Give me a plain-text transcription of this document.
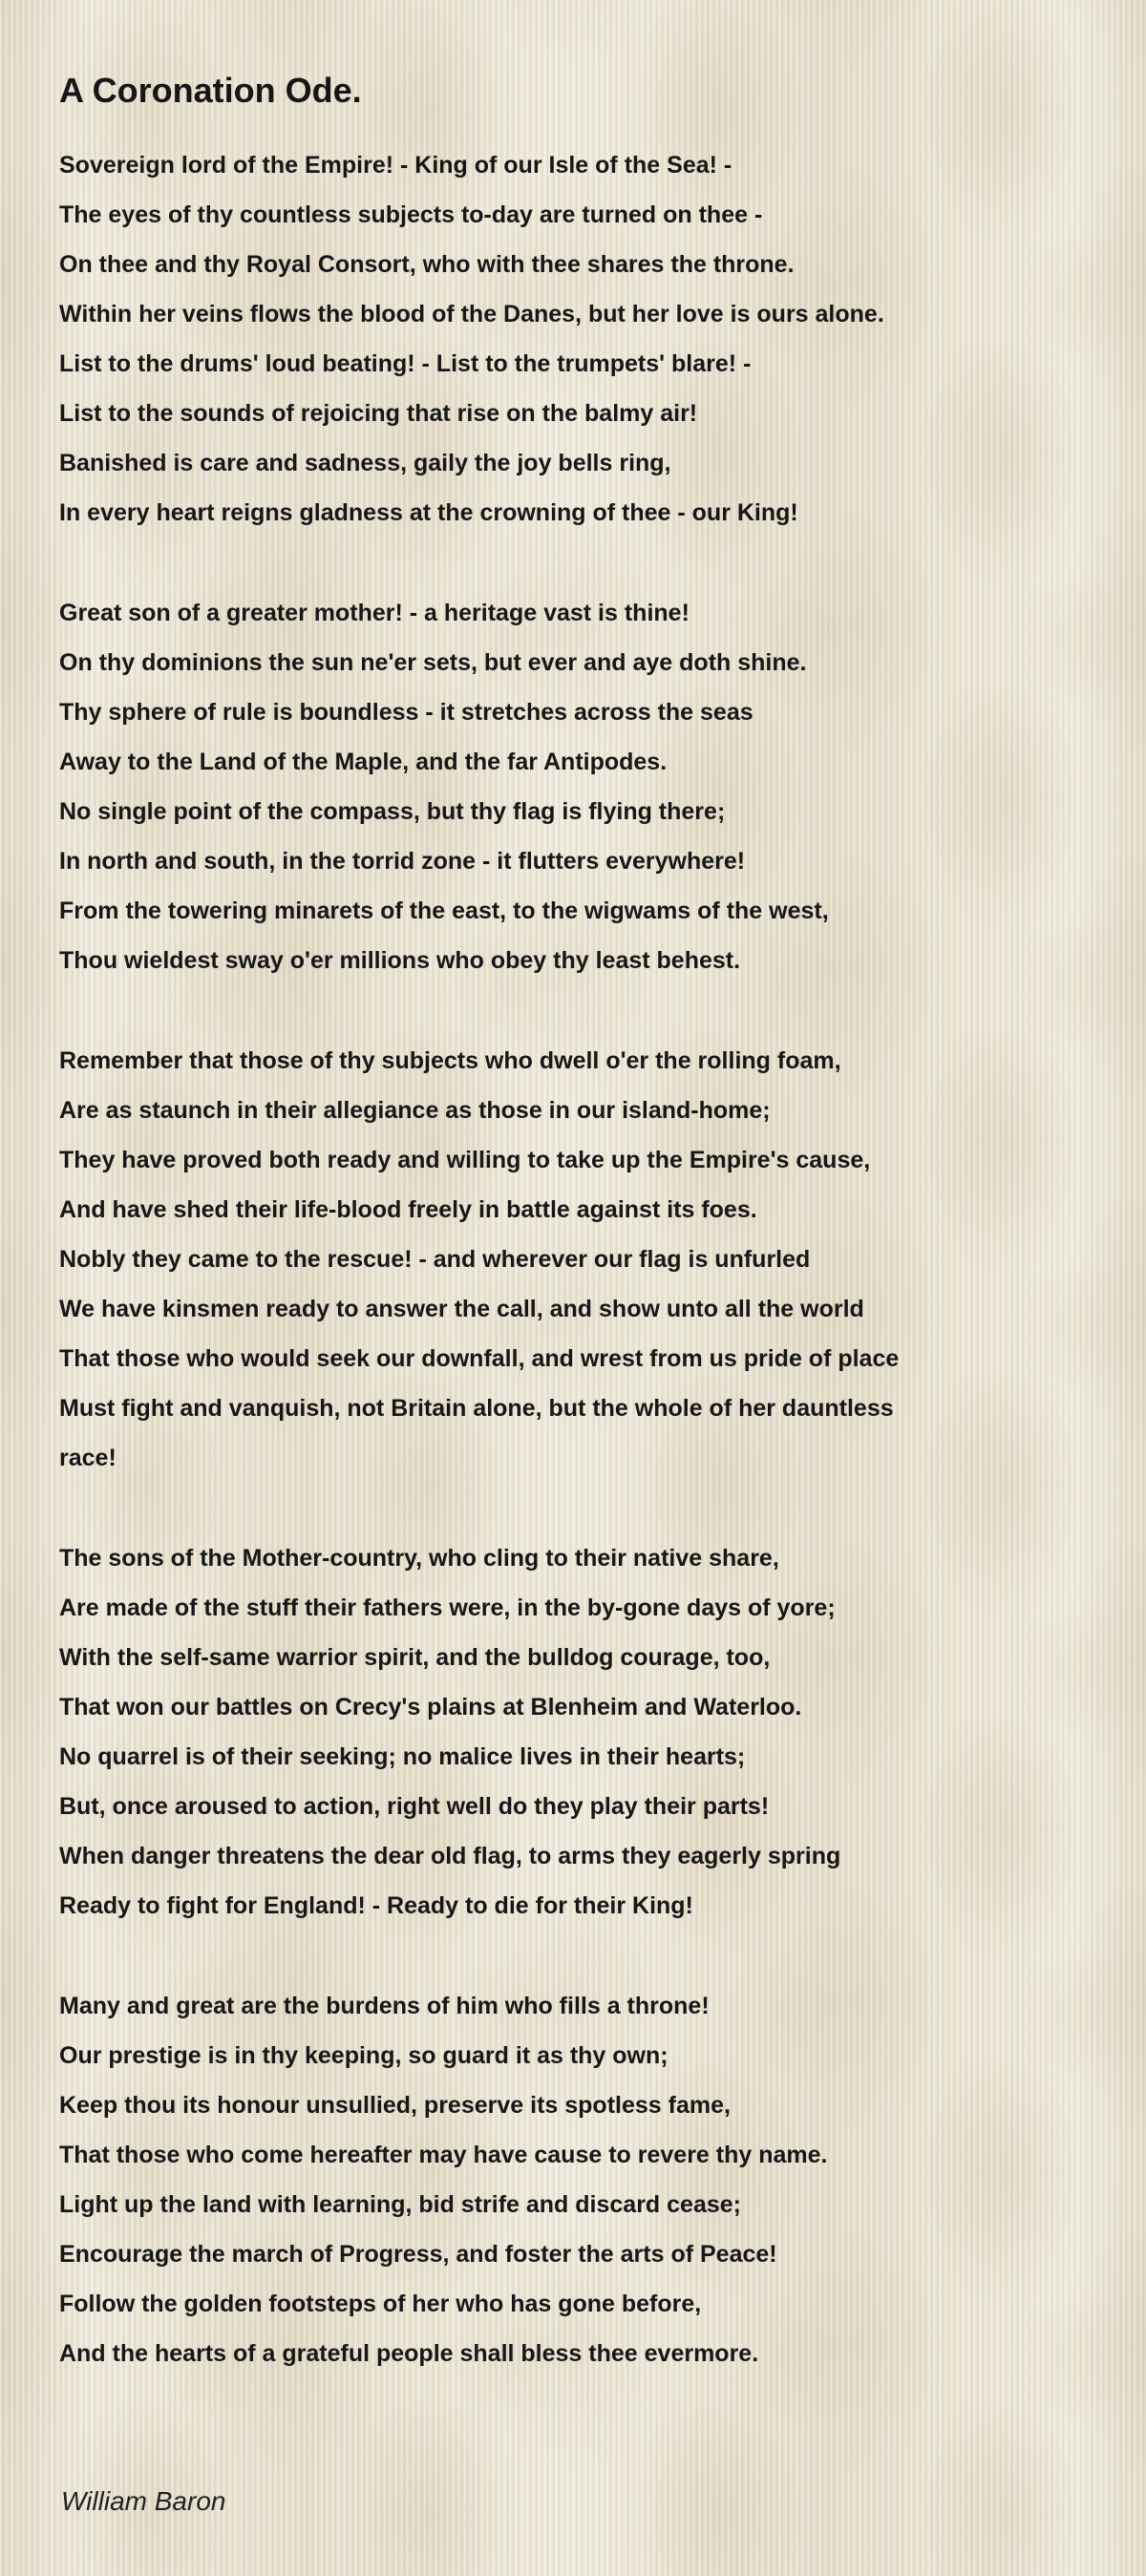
A Coronation Ode.
Sovereign lord of the Empire! - King of our Isle of the Sea! -
The eyes of thy countless subjects to-day are turned on thee -
On thee and thy Royal Consort, who with thee shares the throne.
Within her veins flows the blood of the Danes, but her love is ours alone.
List to the drums' loud beating! - List to the trumpets' blare! -
List to the sounds of rejoicing that rise on the balmy air!
Banished is care and sadness, gaily the joy bells ring,
In every heart reigns gladness at the crowning of thee - our King!
Great son of a greater mother! - a heritage vast is thine!
On thy dominions the sun ne'er sets, but ever and aye doth shine.
Thy sphere of rule is boundless - it stretches across the seas
Away to the Land of the Maple, and the far Antipodes.
No single point of the compass, but thy flag is flying there;
In north and south, in the torrid zone - it flutters everywhere!
From the towering minarets of the east, to the wigwams of the west,
Thou wieldest sway o'er millions who obey thy least behest.
Remember that those of thy subjects who dwell o'er the rolling foam,
Are as staunch in their allegiance as those in our island-home;
They have proved both ready and willing to take up the Empire's cause,
And have shed their life-blood freely in battle against its foes.
Nobly they came to the rescue! - and wherever our flag is unfurled
We have kinsmen ready to answer the call, and show unto all the world
That those who would seek our downfall, and wrest from us pride of place
Must fight and vanquish, not Britain alone, but the whole of her dauntless
race!
The sons of the Mother-country, who cling to their native share,
Are made of the stuff their fathers were, in the by-gone days of yore;
With the self-same warrior spirit, and the bulldog courage, too,
That won our battles on Crecy's plains at Blenheim and Waterloo.
No quarrel is of their seeking; no malice lives in their hearts;
But, once aroused to action, right well do they play their parts!
When danger threatens the dear old flag, to arms they eagerly spring
Ready to fight for England! - Ready to die for their King!
Many and great are the burdens of him who fills a throne!
Our prestige is in thy keeping, so guard it as thy own;
Keep thou its honour unsullied, preserve its spotless fame,
That those who come hereafter may have cause to revere thy name.
Light up the land with learning, bid strife and discard cease;
Encourage the march of Progress, and foster the arts of Peace!
Follow the golden footsteps of her who has gone before,
And the hearts of a grateful people shall bless thee evermore.
William Baron
